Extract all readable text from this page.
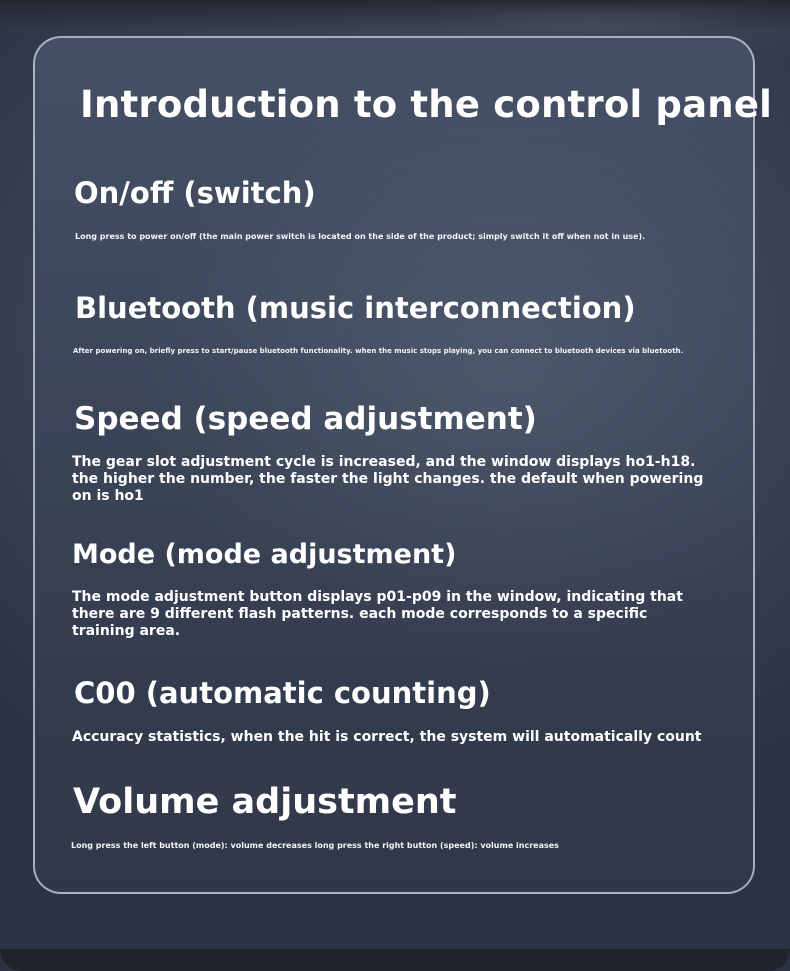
Introduction to the control panel
On/off (switch)

Long press to power on/off (the main power switch is located on the side of the product; simply switch it off when not in use).

Bluetooth (music interconnection)

After powering on, briefly press to start/pause bluetooth functionality. when the music stops playing, you can connect to bluetooth devices via bluetooth.

Speed (speed adjustment)

The gear slot adjustment cycle is increased, and the window displays ho1-h18. the higher the number, the faster the light changes. the default when powering on is ho1

Mode (mode adjustment)

The mode adjustment button displays p01-p09 in the window, indicating that there are 9 different flash patterns. each mode corresponds to a specific training area.

C00 (automatic counting)

Accuracy statistics, when the hit is correct, the system will automatically count

Volume adjustment

Long press the left button (mode): volume decreases long press the right button (speed): volume increases
